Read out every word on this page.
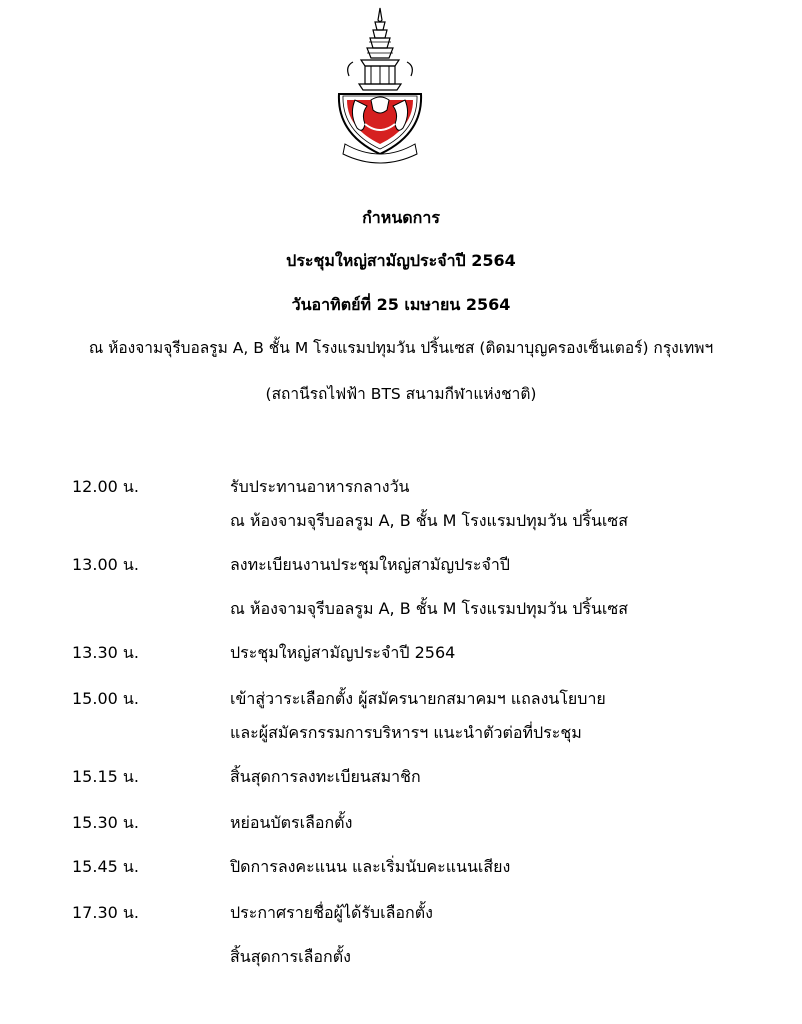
กำหนดการ
ประชุมใหญ่สามัญประจำปี 2564
วันอาทิตย์ที่ 25 เมษายน 2564
ณ ห้องจามจุรีบอลรูม A, B ชั้น M โรงแรมปทุมวัน ปริ้นเซส (ติดมาบุญครองเซ็นเตอร์) กรุงเทพฯ
(สถานีรถไฟฟ้า BTS สนามกีฬาแห่งชาติ)
12.00 น.	รับประทานอาหารกลางวัน
ณ ห้องจามจุรีบอลรูม A, B ชั้น M โรงแรมปทุมวัน ปริ้นเซส
13.00 น.	ลงทะเบียนงานประชุมใหญ่สามัญประจำปี
ณ ห้องจามจุรีบอลรูม A, B ชั้น M โรงแรมปทุมวัน ปริ้นเซส
13.30 น.	ประชุมใหญ่สามัญประจำปี 2564
15.00 น.	เข้าสู่วาระเลือกตั้ง ผู้สมัครนายกสมาคมฯ แถลงนโยบาย
และผู้สมัครกรรมการบริหารฯ แนะนำตัวต่อที่ประชุม
15.15 น.	สิ้นสุดการลงทะเบียนสมาชิก
15.30 น.	หย่อนบัตรเลือกตั้ง
15.45 น.	ปิดการลงคะแนน และเริ่มนับคะแนนเสียง
17.30 น.	ประกาศรายชื่อผู้ได้รับเลือกตั้ง
สิ้นสุดการเลือกตั้ง
